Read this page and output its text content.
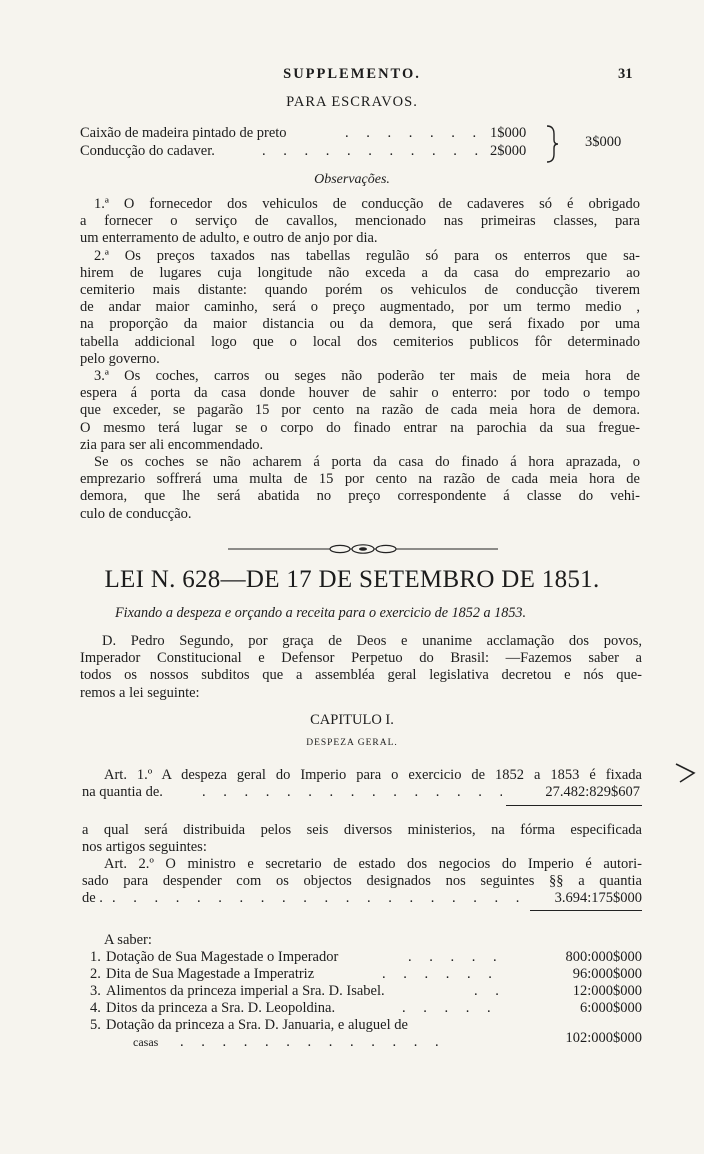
SUPPLEMENTO.	31
PARA ESCRAVOS.
Caixão de madeira pintado de preto . . .	1$000
Conducção do cadaver. . . .	2$000
3$000
Observações.
1.ª O fornecedor dos vehiculos de conducção de cadaveres só é obrigado
a fornecer o serviço de cavallos, mencionado nas primeiras classes, para
um enterramento de adulto, e outro de anjo por dia.
2.ª Os preços taxados nas tabellas regulão só para os enterros que sa-
hirem de lugares cuja longitude não exceda a da casa do emprezario ao
cemiterio mais distante: quando porém os vehiculos de conducção tiverem
de andar maior caminho, será o preço augmentado, por um termo medio ,
na proporção da maior distancia ou da demora, que será fixado por uma
tabella addicional logo que o local dos cemiterios publicos fôr determinado
pelo governo.
3.ª Os coches, carros ou seges não poderão ter mais de meia hora de
espera á porta da casa donde houver de sahir o enterro: por todo o tempo
que exceder, se pagarão 15 por cento na razão de cada meia hora de demora.
O mesmo terá lugar se o corpo do finado entrar na parochia da sua fregue-
zia para ser ali encommendado.
Se os coches se não acharem á porta da casa do finado á hora aprazada, o
emprezario soffrerá uma multa de 15 por cento na razão de cada meia hora de
demora, que lhe será abatida no preço correspondente á classe do vehi-
culo de conducção.
LEI N. 628—DE 17 DE SETEMBRO DE 1851.
Fixando a despeza e orçando a receita para o exercicio de 1852 a 1853.
D. Pedro Segundo, por graça de Deos e unanime acclamação dos povos,
Imperador Constitucional e Defensor Perpetuo do Brasil: —Fazemos saber a
todos os nossos subditos que a assembléa geral legislativa decretou e nós que-
remos a lei seguinte:
CAPITULO I.
DESPEZA GERAL.
Art. 1.º A despeza geral do Imperio para o exercicio de 1852 a 1853 é fixada
na quantia de. . . .	27.482:829$607
a qual será distribuida pelos seis diversos ministerios, na fórma especificada
nos artigos seguintes:
Art. 2.º O ministro e secretario de estado dos negocios do Imperio é autori-
sado para despender com os objectos designados nos seguintes §§ a quantia
de . . . .	3.694:175$000
A saber:
1. Dotação de Sua Magestade o Imperador . . .	800:000$000
2. Dita de Sua Magestade a Imperatriz . . .	96:000$000
3. Alimentos da princeza imperial a Sra. D. Isabel. . . .	12:000$000
4. Ditos da princeza a Sra. D. Leopoldina. . . .	6:000$000
5. Dotação da princeza a Sra. D. Januaria, e aluguel de
casas . . .	102:000$000
